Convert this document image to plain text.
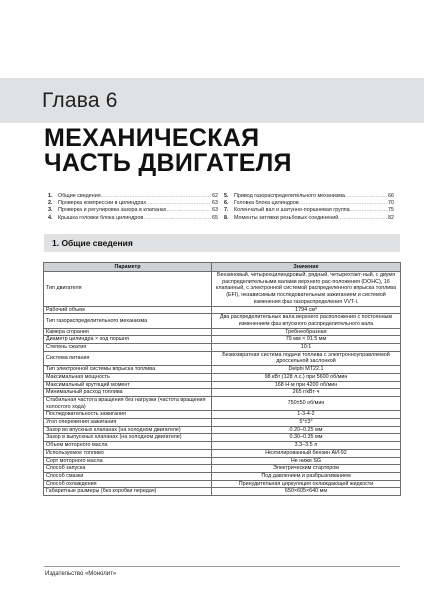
Глава 6
МЕХАНИЧЕСКАЯ
ЧАСТЬ ДВИГАТЕЛЯ
1.	Общие сведения .....	62
2.	Проверка компрессии в цилиндрах .....	63
3.	Проверка и регулировка зазора в клапанах .....	63
4.	Крышка головки блока цилиндров .....	65
5.	Привод газораспределительного механизма .....	66
6.	Головка блока цилиндров .....	70
7.	Коленчатый вал и шатунно-поршневая группа .....	75
8.	Моменты затяжки резьбовых соединений .....	82
1. Общие сведения
Параметр	Значение
Тип двигателя	Бензиновый, четырехцилиндровый, рядный, четырехтакт-ный, с двумя распределительными валами верхнего рас-положения (DOHC), 16 клапанный, с электронной системой распределенного впрыска топлива (EFI), независимым последовательным зажиганием и системой изменения фаз газораспределения VVT-i.
Рабочий объем	1794 см³
Тип газораспределительного механизма	Два распределительных вала верхнего расположения с постоянным изменением фаз впускного распределительного вала
Камера сгорания	Гребнеобразная
Диаметр цилиндра × ход поршня	79 мм × 91.5 мм
Степень сжатия	10:1
Система питания	Безвозвратная система подачи топлива с электронноуправляемой дроссельной заслонкой
Тип электронной системы впрыска топлива	Delphi MT22.1
Максимальная мощность	98 кВт (128 л.с.) при 5600 об/мин
Максимальный крутящий момент	168 Н·м при 4200 об/мин
Минимальный расход топлива	265 г/кВт·ч
Стабильная частота вращения без нагрузки (частота вращения холостого хода)	750±50 об/мин
Последовательность зажигания	1-3-4-2
Угол опережения зажигания	5°±3°
Зазор во впускных клапанах (на холодном двигателе)	0.20–0.25 мм
Зазор в выпускных клапанах (на холодном двигателе)	0.30–0.35 мм
Объем моторного масла	3.3–3.5 л
Используемое топливо	Неэтилированный бензин АИ-92
Сорт моторного масла	Не ниже SG
Способ запуска	Электрическим стартером
Способ смазки	Под давлением и разбрызгиванием
Способ охлаждения	Принудительная циркуляция охлаждающей жидкости
Габаритные размеры (без коробки передач)	650×605×640 мм
Издательство «Монолит»
